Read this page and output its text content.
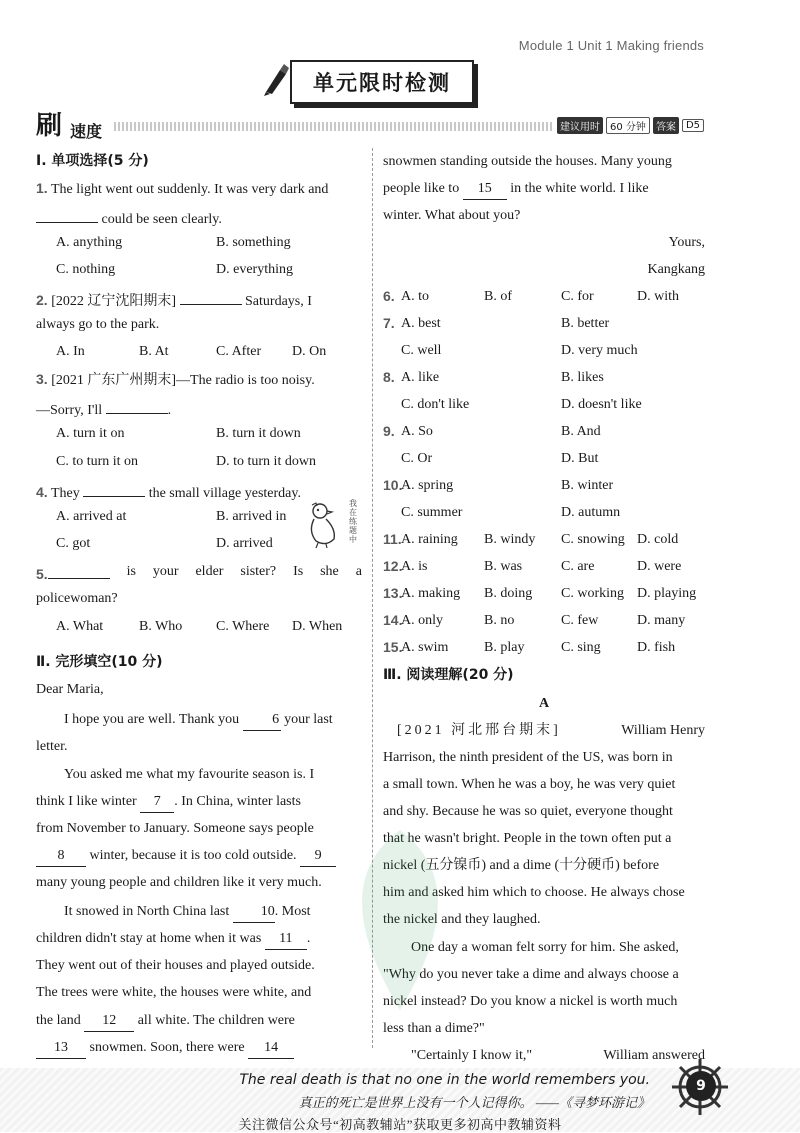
Module 1 Unit 1 Making friends
单元限时检测
刷 速度	建议用时	60 分钟	答案	D5
Ⅰ. 单项选择(5 分)
1. The light went out suddenly. It was very dark and
could be seen clearly.
A. anything	B. something
C. nothing	D. everything
2. [2022 辽宁沈阳期末]	Saturdays, I
always go to the park.
A. In	B. At	C. After D. On
3. [2021 广东广州期末]—The radio is too noisy.
—Sorry, I'll	.
A. turn it on	B. turn it down
C. to turn it on	D. to turn it down
4. They	the small village yesterday.
A. arrived at	B. arrived in
C. got	D. arrived
5.	is your elder sister? Is she a
policewoman?
A. What	B. Who C. Where D. When
Ⅱ. 完形填空(10 分)
Dear Maria,
I hope you are well. Thank you 6 your last
letter.
You asked me what my favourite season is. I
think I like winter 7 . In China, winter lasts
from November to January. Someone says people
8 winter, because it is too cold outside. 9
many young people and children like it very much.
It snowed in North China last 10. Most
children didn't stay at home when it was 11 .
They went out of their houses and played outside.
The trees were white, the houses were white, and
the land 12 all white. The children were
13 snowmen. Soon, there were 14
我 在 练 题 中
snowmen standing outside the houses. Many young
people like to 15 in the white world. I like
winter. What about you?
Yours,
Kangkang
6. A. to	B. of	C. for	D. with
7. A. best	B. better
C. well	D. very much
8. A. like	B. likes
C. don't like	D. doesn't like
9. A. So	B. And
C. Or	D. But
10.
A. spring	B. winter
C. summer	D. autumn
11. A. raining B. windy C. snowing D. cold
12.
A. is	B. was	C. are	D. were
13.
A. making B. doing C. working D. playing
14.
A. only	B. no	C. few	D. many
15.
A. swim	B. play	C. sing	D. fish
Ⅲ. 阅读理解(20 分)
A
[2021 河北邢台期末]	William Henry
Harrison, the ninth president of the US, was born in
a small town. When he was a boy, he was very quiet
and shy. Because he was so quiet, everyone thought
that he wasn't bright. People in the town often put a
nickel (五分镍币) and a dime (十分硬币) before
him and asked him which to choose. He always chose
the nickel and they laughed.
One day a woman felt sorry for him. She asked,
"Why do you never take a dime and always choose a
nickel instead? Do you know a nickel is worth much
less than a dime?"
"Certainly I know it,"	William answered
The real death is that no one in the world remembers you.
真正的死亡是世界上没有一个人记得你。 ——《寻梦环游记》
关注微信公众号“初高教辅站”获取更多初高中教辅资料
9
